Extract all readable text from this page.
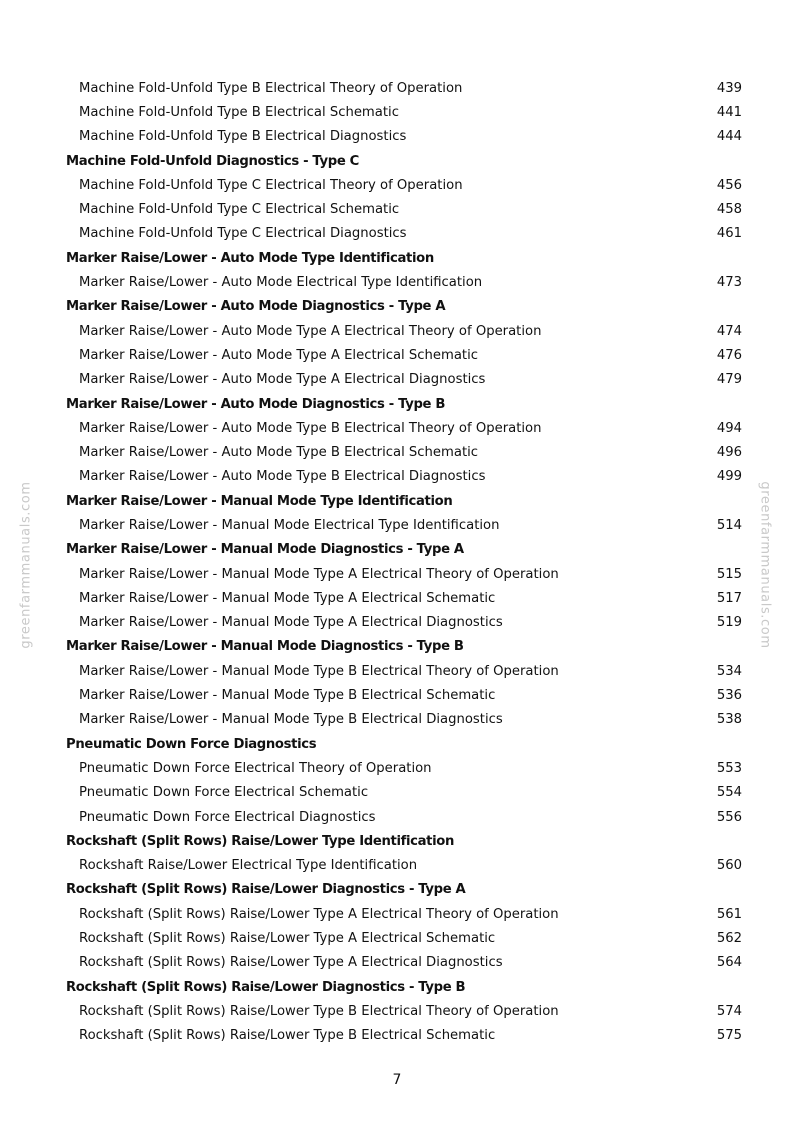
greenfarmmanuals.com	greenfarmmanuals.com
Machine Fold-Unfold Type B Electrical Theory of Operation	439
Machine Fold-Unfold Type B Electrical Schematic	441
Machine Fold-Unfold Type B Electrical Diagnostics	444
Machine Fold-Unfold Diagnostics - Type C
Machine Fold-Unfold Type C Electrical Theory of Operation	456
Machine Fold-Unfold Type C Electrical Schematic	458
Machine Fold-Unfold Type C Electrical Diagnostics	461
Marker Raise/Lower - Auto Mode Type Identification
Marker Raise/Lower - Auto Mode Electrical Type Identification	473
Marker Raise/Lower - Auto Mode Diagnostics - Type A
Marker Raise/Lower - Auto Mode Type A Electrical Theory of Operation	474
Marker Raise/Lower - Auto Mode Type A Electrical Schematic	476
Marker Raise/Lower - Auto Mode Type A Electrical Diagnostics	479
Marker Raise/Lower - Auto Mode Diagnostics - Type B
Marker Raise/Lower - Auto Mode Type B Electrical Theory of Operation	494
Marker Raise/Lower - Auto Mode Type B Electrical Schematic	496
Marker Raise/Lower - Auto Mode Type B Electrical Diagnostics	499
Marker Raise/Lower - Manual Mode Type Identification
Marker Raise/Lower - Manual Mode Electrical Type Identification	514
Marker Raise/Lower - Manual Mode Diagnostics - Type A
Marker Raise/Lower - Manual Mode Type A Electrical Theory of Operation	515
Marker Raise/Lower - Manual Mode Type A Electrical Schematic	517
Marker Raise/Lower - Manual Mode Type A Electrical Diagnostics	519
Marker Raise/Lower - Manual Mode Diagnostics - Type B
Marker Raise/Lower - Manual Mode Type B Electrical Theory of Operation	534
Marker Raise/Lower - Manual Mode Type B Electrical Schematic	536
Marker Raise/Lower - Manual Mode Type B Electrical Diagnostics	538
Pneumatic Down Force Diagnostics
Pneumatic Down Force Electrical Theory of Operation	553
Pneumatic Down Force Electrical Schematic	554
Pneumatic Down Force Electrical Diagnostics	556
Rockshaft (Split Rows) Raise/Lower Type Identification
Rockshaft Raise/Lower Electrical Type Identification	560
Rockshaft (Split Rows) Raise/Lower Diagnostics - Type A
Rockshaft (Split Rows) Raise/Lower Type A Electrical Theory of Operation	561
Rockshaft (Split Rows) Raise/Lower Type A Electrical Schematic	562
Rockshaft (Split Rows) Raise/Lower Type A Electrical Diagnostics	564
Rockshaft (Split Rows) Raise/Lower Diagnostics - Type B
Rockshaft (Split Rows) Raise/Lower Type B Electrical Theory of Operation	574
Rockshaft (Split Rows) Raise/Lower Type B Electrical Schematic	575
7
